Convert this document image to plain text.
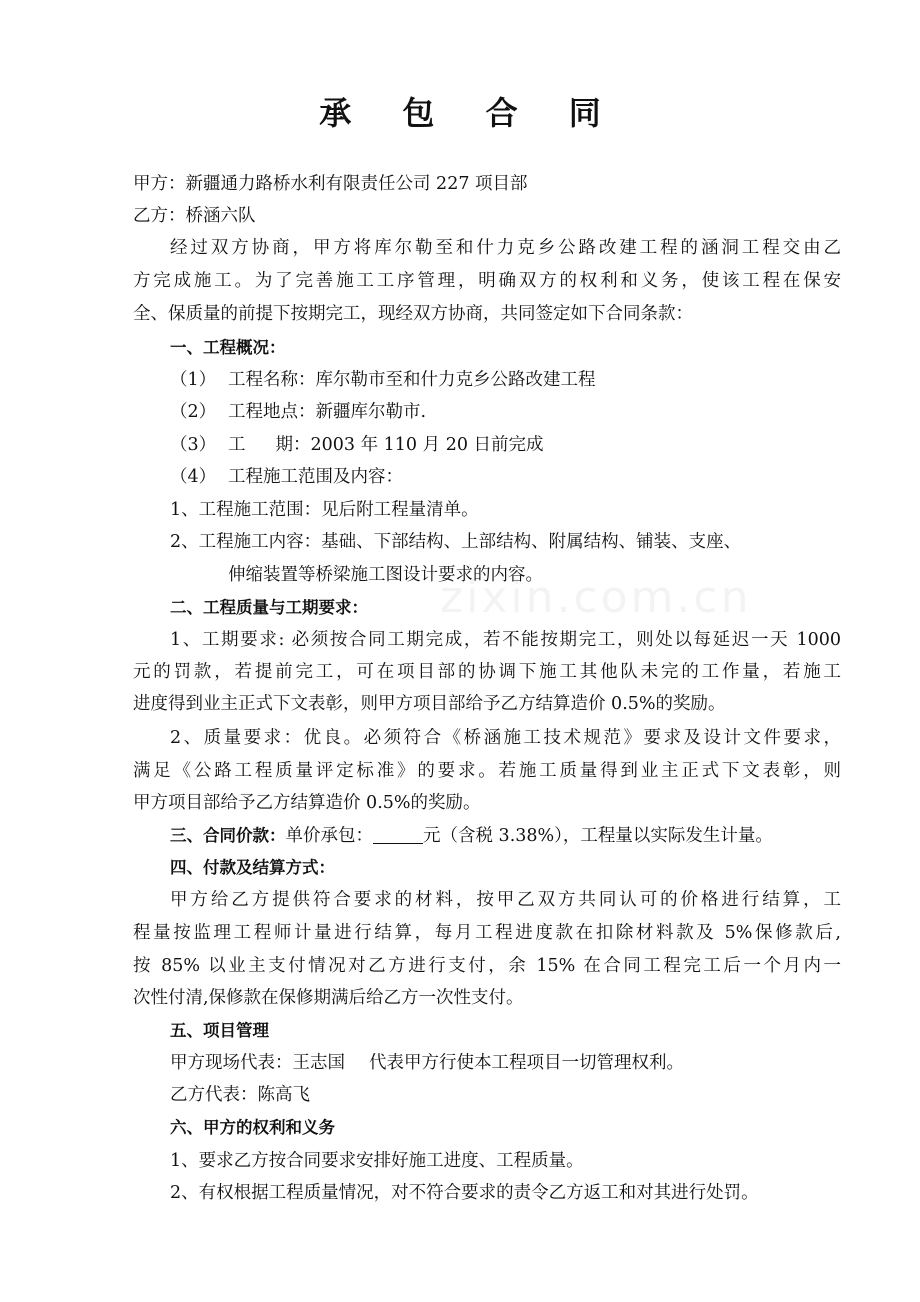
承 包 合 同
甲方：新疆通力路桥水利有限责任公司 227 项目部
乙方：桥涵六队
经过双方协商，甲方将库尔勒至和什力克乡公路改建工程的涵洞工程交由乙
方完成施工。为了完善施工工序管理，明确双方的权利和义务，使该工程在保安
全、保质量的前提下按期完工，现经双方协商，共同签定如下合同条款：
一、工程概况：
（1） 工程名称：库尔勒市至和什力克乡公路改建工程
（2） 工程地点：新疆库尔勒市.
（3） 工 期：2003 年 110 月 20 日前完成
（4） 工程施工范围及内容：
1、工程施工范围：见后附工程量清单。
2、工程施工内容：基础、下部结构、上部结构、附属结构、铺装、支座、
伸缩装置等桥梁施工图设计要求的内容。
二、工程质量与工期要求：
1、工期要求: 必须按合同工期完成，若不能按期完工，则处以每延迟一天 1000
元的罚款，若提前完工，可在项目部的协调下施工其他队未完的工作量，若施工
进度得到业主正式下文表彰，则甲方项目部给予乙方结算造价 0.5%的奖励。
2、质量要求：优良。必须符合《桥涵施工技术规范》要求及设计文件要求，
满足《公路工程质量评定标准》的要求。若施工质量得到业主正式下文表彰，则
甲方项目部给予乙方结算造价 0.5%的奖励。
三、合同价款：单价承包：	元（含税 3.38%），工程量以实际发生计量。
四、付款及结算方式：
甲方给乙方提供符合要求的材料，按甲乙双方共同认可的价格进行结算，工
程量按监理工程师计量进行结算，每月工程进度款在扣除材料款及 5%保修款后,
按 85% 以业主支付情况对乙方进行支付，余 15% 在合同工程完工后一个月内一
次性付清,保修款在保修期满后给乙方一次性支付。
五、项目管理
甲方现场代表：王志国 代表甲方行使本工程项目一切管理权利。
乙方代表：陈高飞
六、甲方的权利和义务
1、要求乙方按合同要求安排好施工进度、工程质量。
2、有权根据工程质量情况，对不符合要求的责令乙方返工和对其进行处罚。
zixin.com.cn
